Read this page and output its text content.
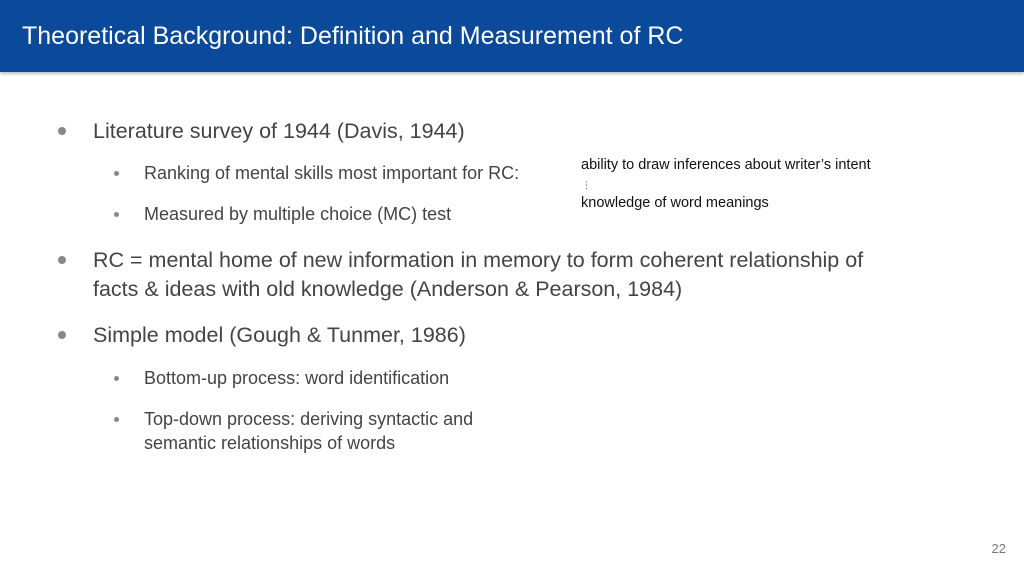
Theoretical Background: Definition and Measurement of RC
Literature survey of 1944 (Davis, 1944)
Ranking of mental skills most important for RC:
Measured by multiple choice (MC) test
ability to draw inferences about writer’s intent
⋮
knowledge of word meanings
RC = mental home of new information in memory to form coherent relationship of
facts & ideas with old knowledge (Anderson & Pearson, 1984)
Simple model (Gough & Tunmer, 1986)
Bottom-up process: word identification
Top-down process: deriving syntactic and
semantic relationships of words
22
